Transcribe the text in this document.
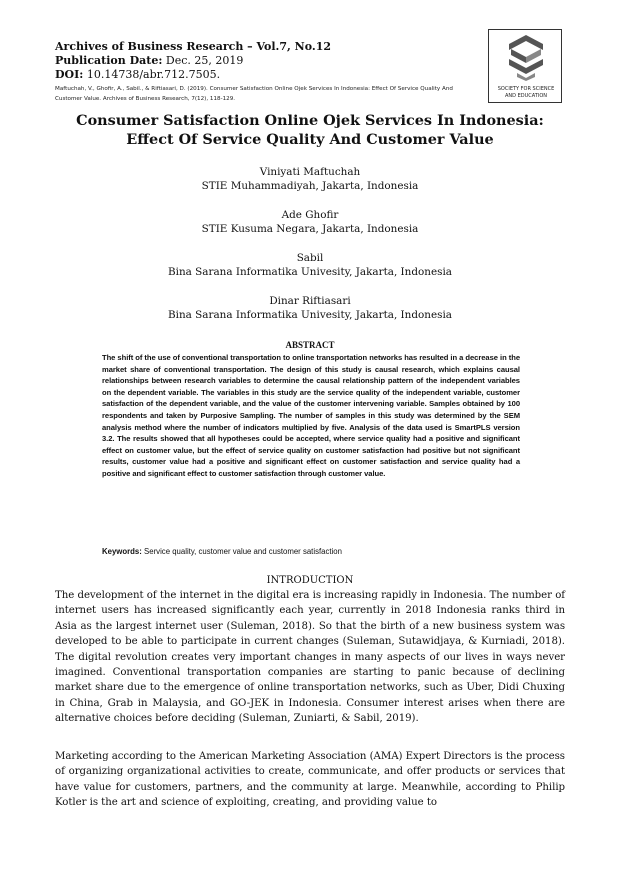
Archives of Business Research – Vol.7, No.12
Publication Date: Dec. 25, 2019
DOI: 10.14738/abr.712.7505.
Maftuchah, V., Ghofir, A., Sabil., & Riftiasari, D. (2019). Consumer Satisfaction Online Ojek Services In Indonesia: Effect Of Service Quality And Customer Value. Archives of Business Research, 7(12), 118-129.
SOCIETY FOR SCIENCE
AND EDUCATION
Consumer Satisfaction Online Ojek Services In Indonesia:
Effect Of Service Quality And Customer Value
Viniyati Maftuchah
STIE Muhammadiyah, Jakarta, Indonesia
Ade Ghofir
STIE Kusuma Negara, Jakarta, Indonesia
Sabil
Bina Sarana Informatika Univesity, Jakarta, Indonesia
Dinar Riftiasari
Bina Sarana Informatika Univesity, Jakarta, Indonesia
ABSTRACT
The shift of the use of conventional transportation to online transportation networks has resulted in a decrease in the market share of conventional transportation. The design of this study is causal research, which explains causal relationships between research variables to determine the causal relationship pattern of the independent variables on the dependent variable. The variables in this study are the service quality of the independent variable, customer satisfaction of the dependent variable, and the value of the customer intervening variable. Samples obtained by 100 respondents and taken by Purposive Sampling. The number of samples in this study was determined by the SEM analysis method where the number of indicators multiplied by five. Analysis of the data used is SmartPLS version 3.2. The results showed that all hypotheses could be accepted, where service quality had a positive and significant effect on customer value, but the effect of service quality on customer satisfaction had positive but not significant results, customer value had a positive and significant effect on customer satisfaction and service quality had a positive and significant effect to customer satisfaction through customer value.
Keywords: Service quality, customer value and customer satisfaction
INTRODUCTION
The development of the internet in the digital era is increasing rapidly in Indonesia. The number of internet users has increased significantly each year, currently in 2018 Indonesia ranks third in Asia as the largest internet user (Suleman, 2018). So that the birth of a new business system was developed to be able to participate in current changes (Suleman, Sutawidjaya, & Kurniadi, 2018). The digital revolution creates very important changes in many aspects of our lives in ways never imagined. Conventional transportation companies are starting to panic because of declining market share due to the emergence of online transportation networks, such as Uber, Didi Chuxing in China, Grab in Malaysia, and GO-JEK in Indonesia. Consumer interest arises when there are alternative choices before deciding (Suleman, Zuniarti, & Sabil, 2019).
Marketing according to the American Marketing Association (AMA) Expert Directors is the process of organizing organizational activities to create, communicate, and offer products or services that have value for customers, partners, and the community at large. Meanwhile, according to Philip Kotler is the art and science of exploiting, creating, and providing value to
